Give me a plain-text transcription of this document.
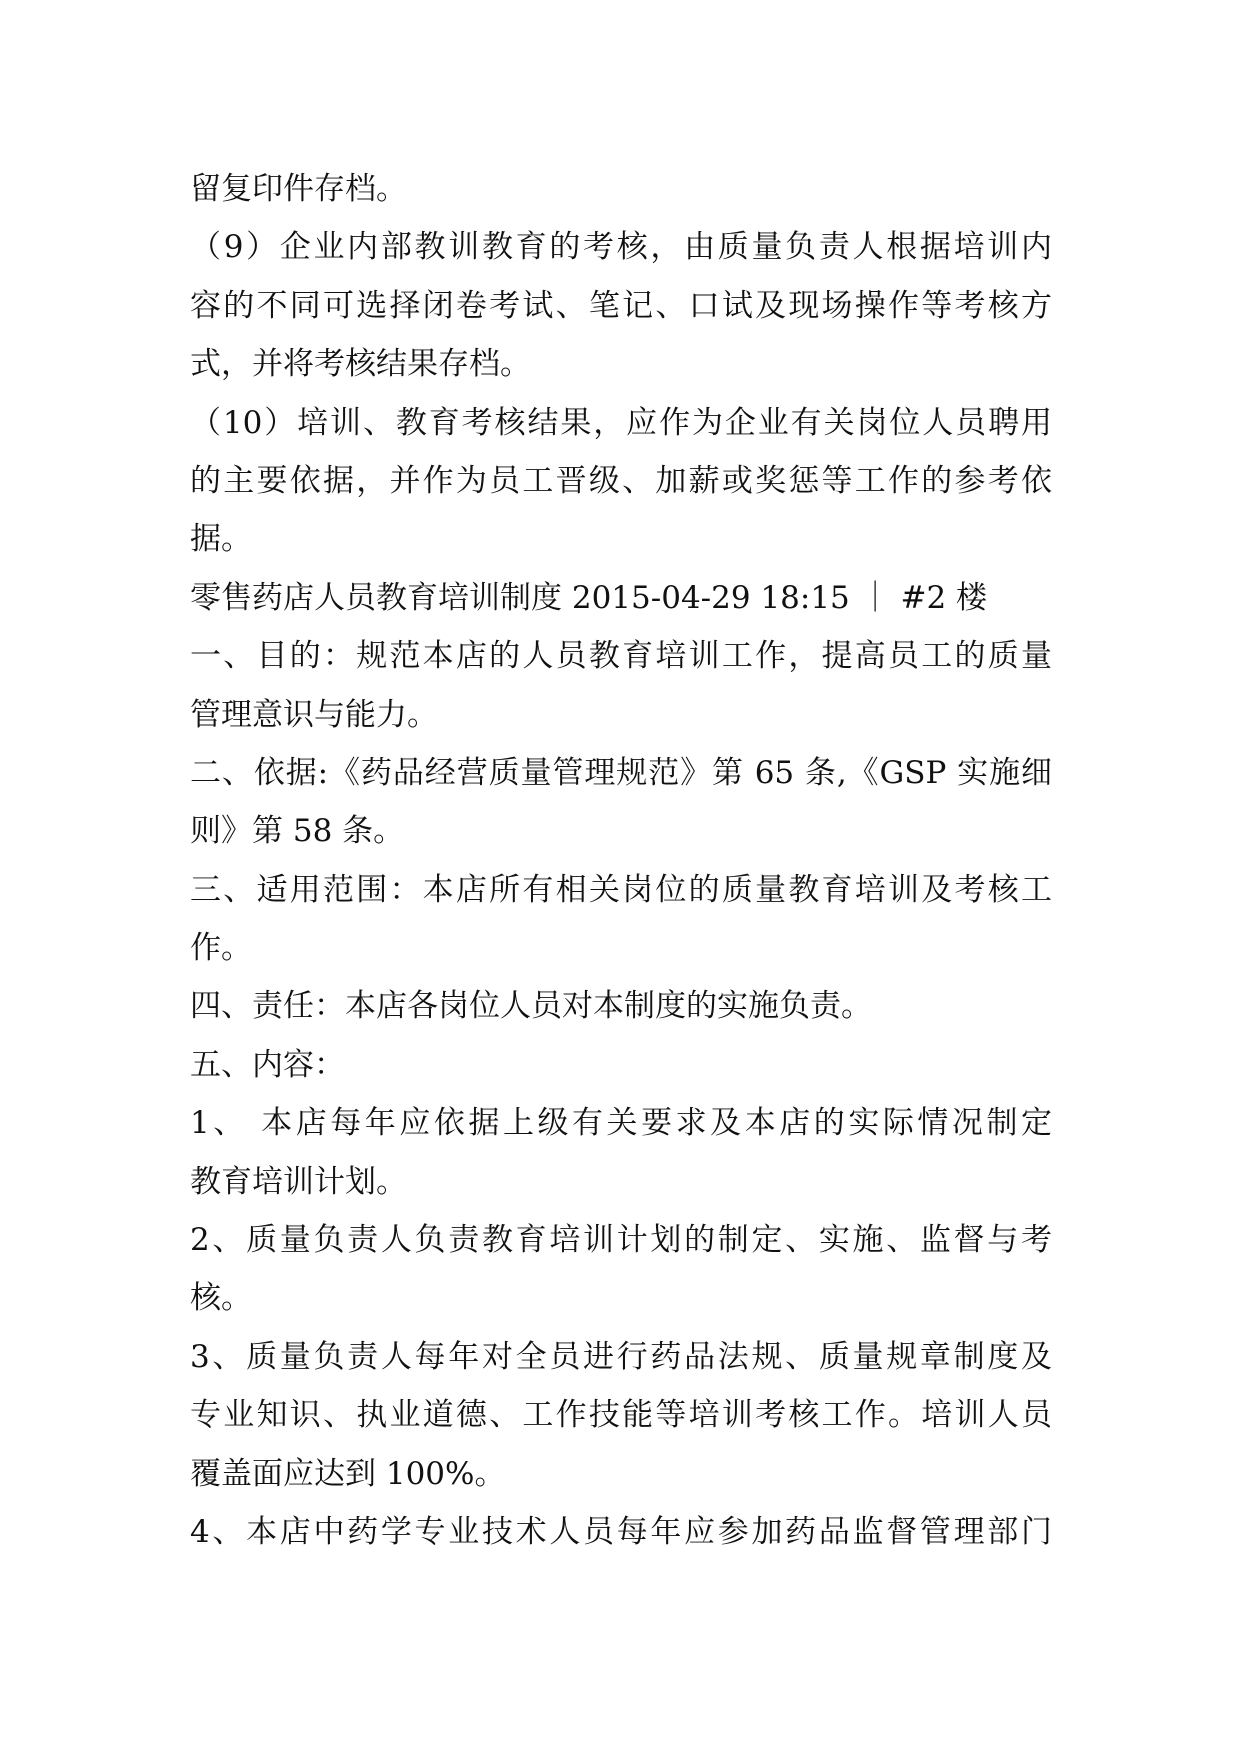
留复印件存档。
（9）企业内部教训教育的考核，由质量负责人根据培训内
容的不同可选择闭卷考试、笔记、口试及现场操作等考核方
式，并将考核结果存档。
（10）培训、教育考核结果，应作为企业有关岗位人员聘用
的主要依据，并作为员工晋级、加薪或奖惩等工作的参考依
据。
零售药店人员教育培训制度 2015-04-29 18:15 ｜ #2 楼
一、目的：规范本店的人员教育培训工作，提高员工的质量
管理意识与能力。
二、依据:《药品经营质量管理规范》第 65 条,《GSP 实施细
则》第 58 条。
三、适用范围：本店所有相关岗位的质量教育培训及考核工
作。
四、责任：本店各岗位人员对本制度的实施负责。
五、内容：
1、 本店每年应依据上级有关要求及本店的实际情况制定
教育培训计划。
2、质量负责人负责教育培训计划的制定、实施、监督与考
核。
3、质量负责人每年对全员进行药品法规、质量规章制度及
专业知识、执业道德、工作技能等培训考核工作。培训人员
覆盖面应达到 100%。
4、本店中药学专业技术人员每年应参加药品监督管理部门
